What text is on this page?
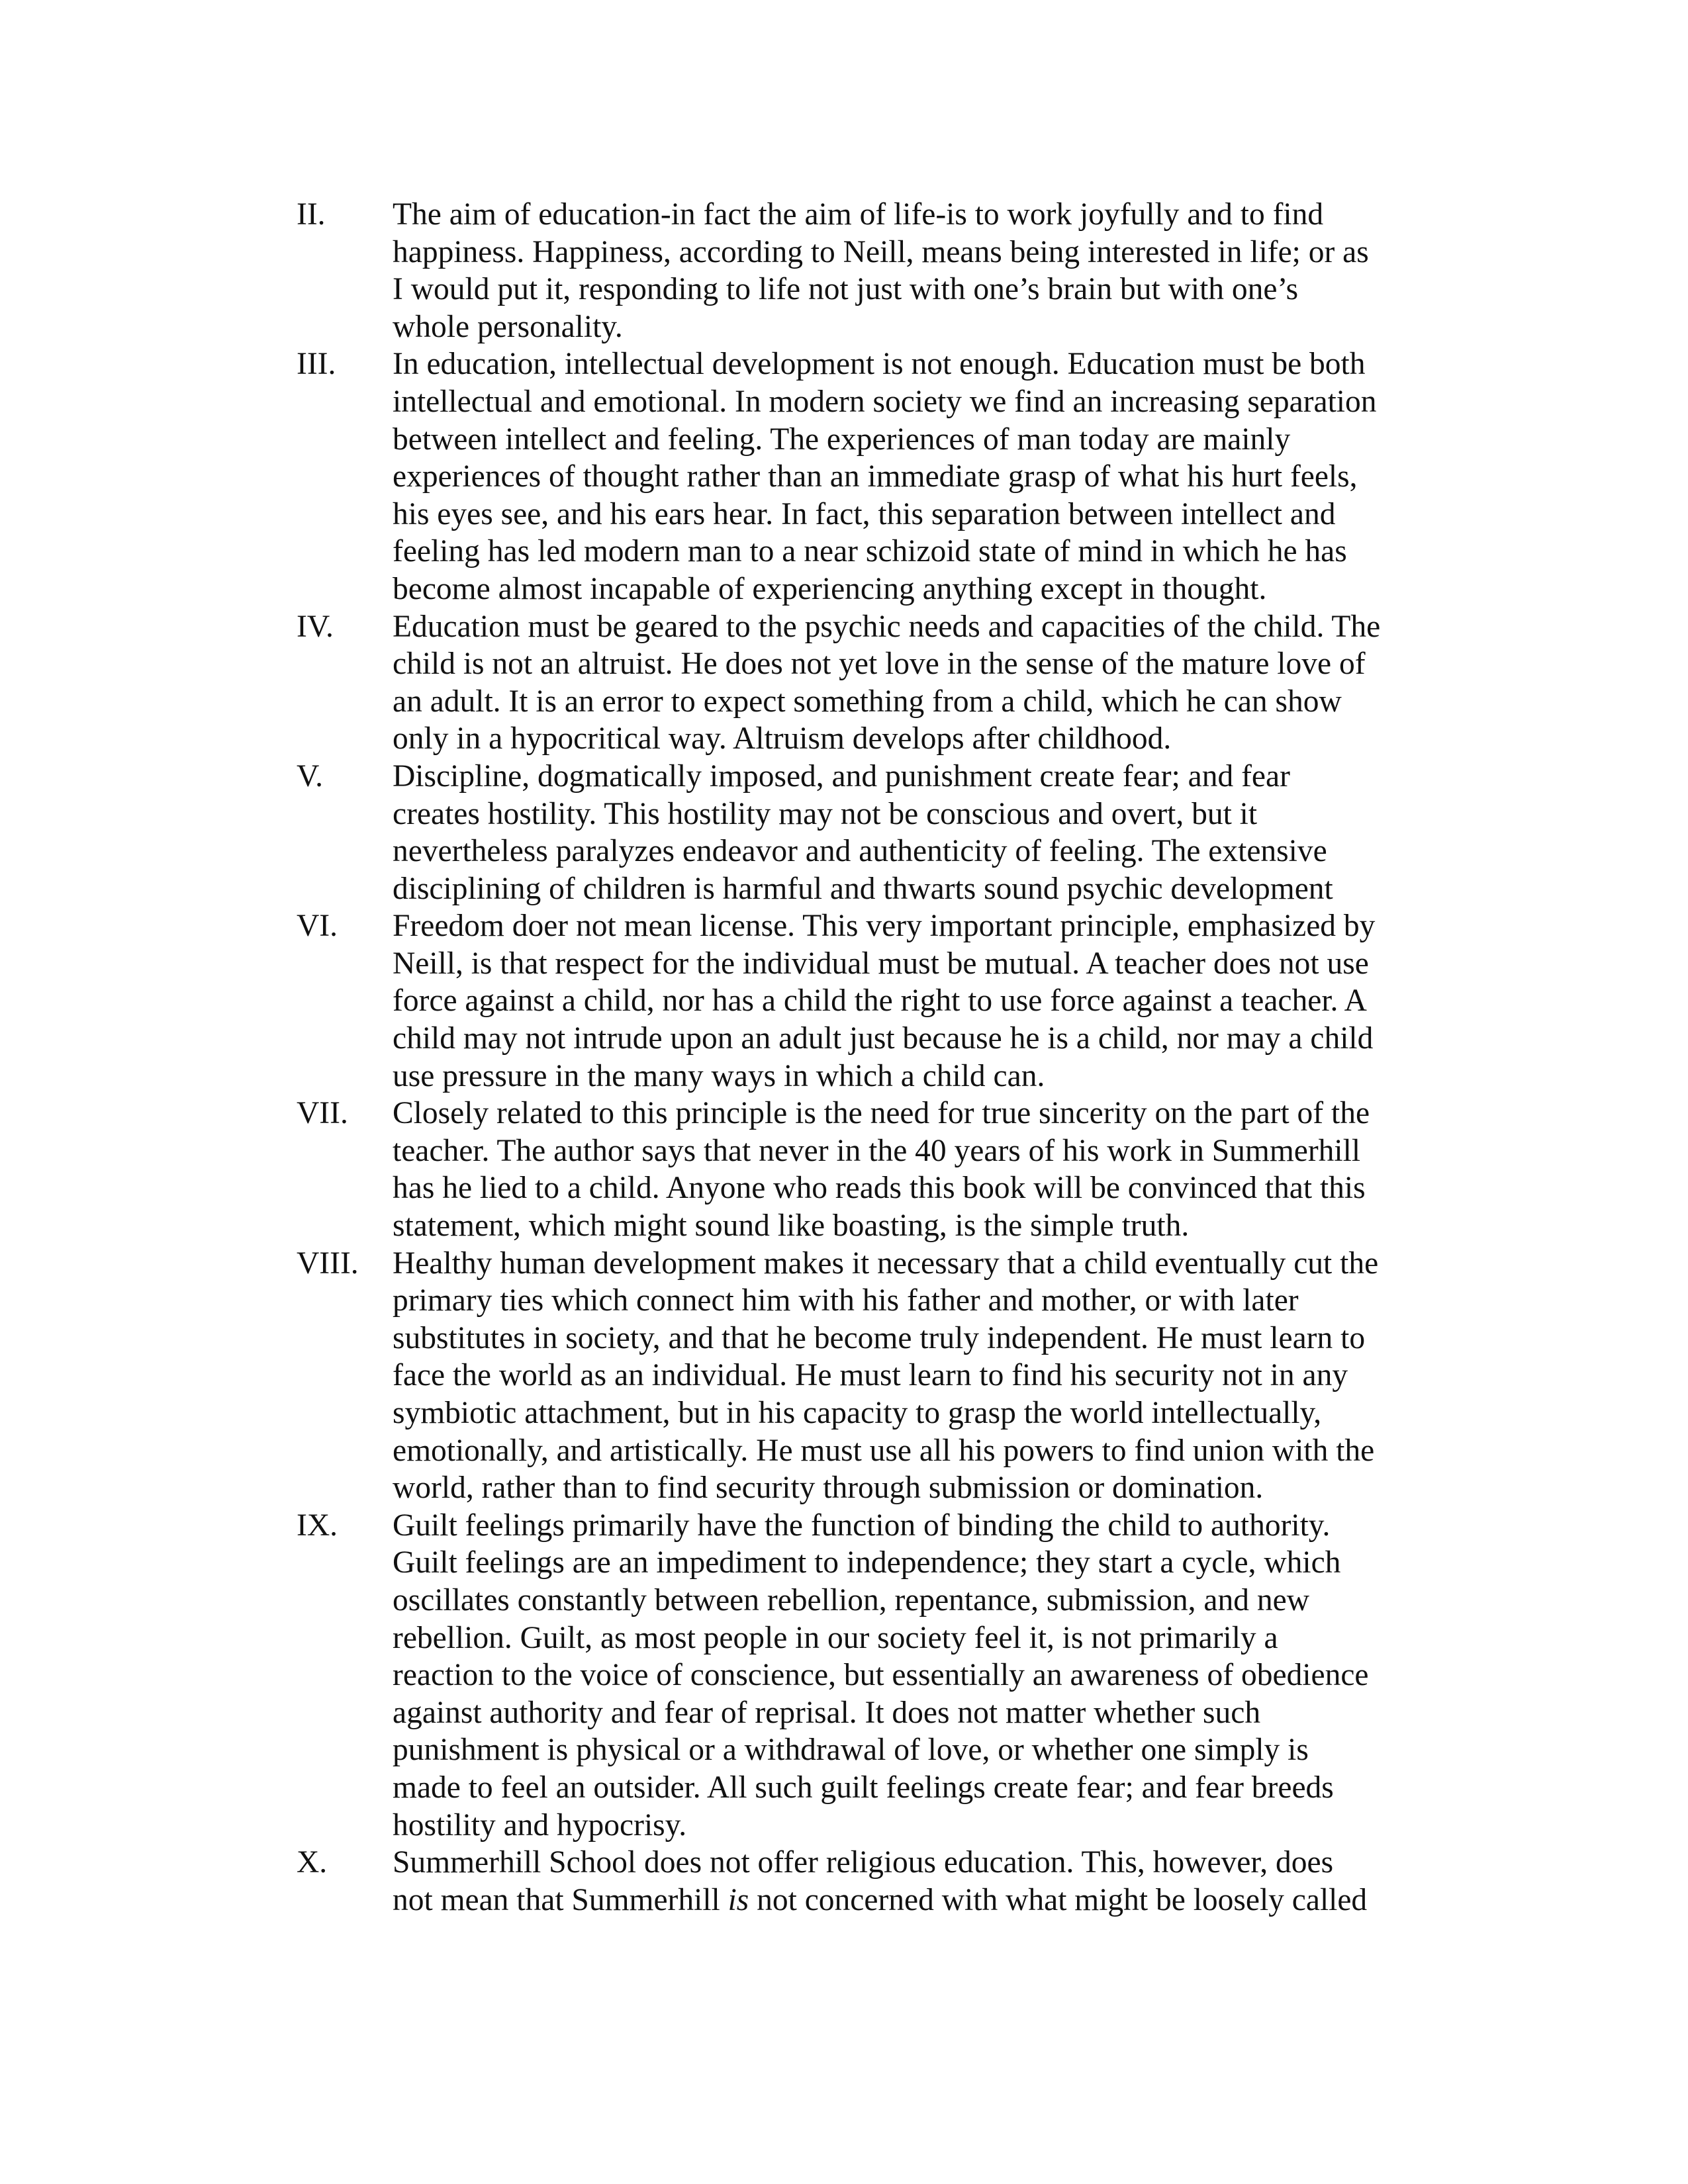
II.	The aim of education-in fact the aim of life-is to work joyfully and to find
happiness. Happiness, according to Neill, means being interested in life; or as
I would put it, responding to life not just with one’s brain but with one’s
whole personality.
III.	In education, intellectual development is not enough. Education must be both
intellectual and emotional. In modern society we find an increasing separation
between intellect and feeling. The experiences of man today are mainly
experiences of thought rather than an immediate grasp of what his hurt feels,
his eyes see, and his ears hear. In fact, this separation between intellect and
feeling has led modern man to a near schizoid state of mind in which he has
become almost incapable of experiencing anything except in thought.
IV.	Education must be geared to the psychic needs and capacities of the child. The
child is not an altruist. He does not yet love in the sense of the mature love of
an adult. It is an error to expect something from a child, which he can show
only in a hypocritical way. Altruism develops after childhood.
V.	Discipline, dogmatically imposed, and punishment create fear; and fear
creates hostility. This hostility may not be conscious and overt, but it
nevertheless paralyzes endeavor and authenticity of feeling. The extensive
disciplining of children is harmful and thwarts sound psychic development
VI.	Freedom doer not mean license. This very important principle, emphasized by
Neill, is that respect for the individual must be mutual. A teacher does not use
force against a child, nor has a child the right to use force against a teacher. A
child may not intrude upon an adult just because he is a child, nor may a child
use pressure in the many ways in which a child can.
VII.	Closely related to this principle is the need for true sincerity on the part of the
teacher. The author says that never in the 40 years of his work in Summerhill
has he lied to a child. Anyone who reads this book will be convinced that this
statement, which might sound like boasting, is the simple truth.
VIII.	Healthy human development makes it necessary that a child eventually cut the
primary ties which connect him with his father and mother, or with later
substitutes in society, and that he become truly independent. He must learn to
face the world as an individual. He must learn to find his security not in any
symbiotic attachment, but in his capacity to grasp the world intellectually,
emotionally, and artistically. He must use all his powers to find union with the
world, rather than to find security through submission or domination.
IX.	Guilt feelings primarily have the function of binding the child to authority.
Guilt feelings are an impediment to independence; they start a cycle, which
oscillates constantly between rebellion, repentance, submission, and new
rebellion. Guilt, as most people in our society feel it, is not primarily a
reaction to the voice of conscience, but essentially an awareness of obedience
against authority and fear of reprisal. It does not matter whether such
punishment is physical or a withdrawal of love, or whether one simply is
made to feel an outsider. All such guilt feelings create fear; and fear breeds
hostility and hypocrisy.
X.	Summerhill School does not offer religious education. This, however, does
not mean that Summerhill is not concerned with what might be loosely called
